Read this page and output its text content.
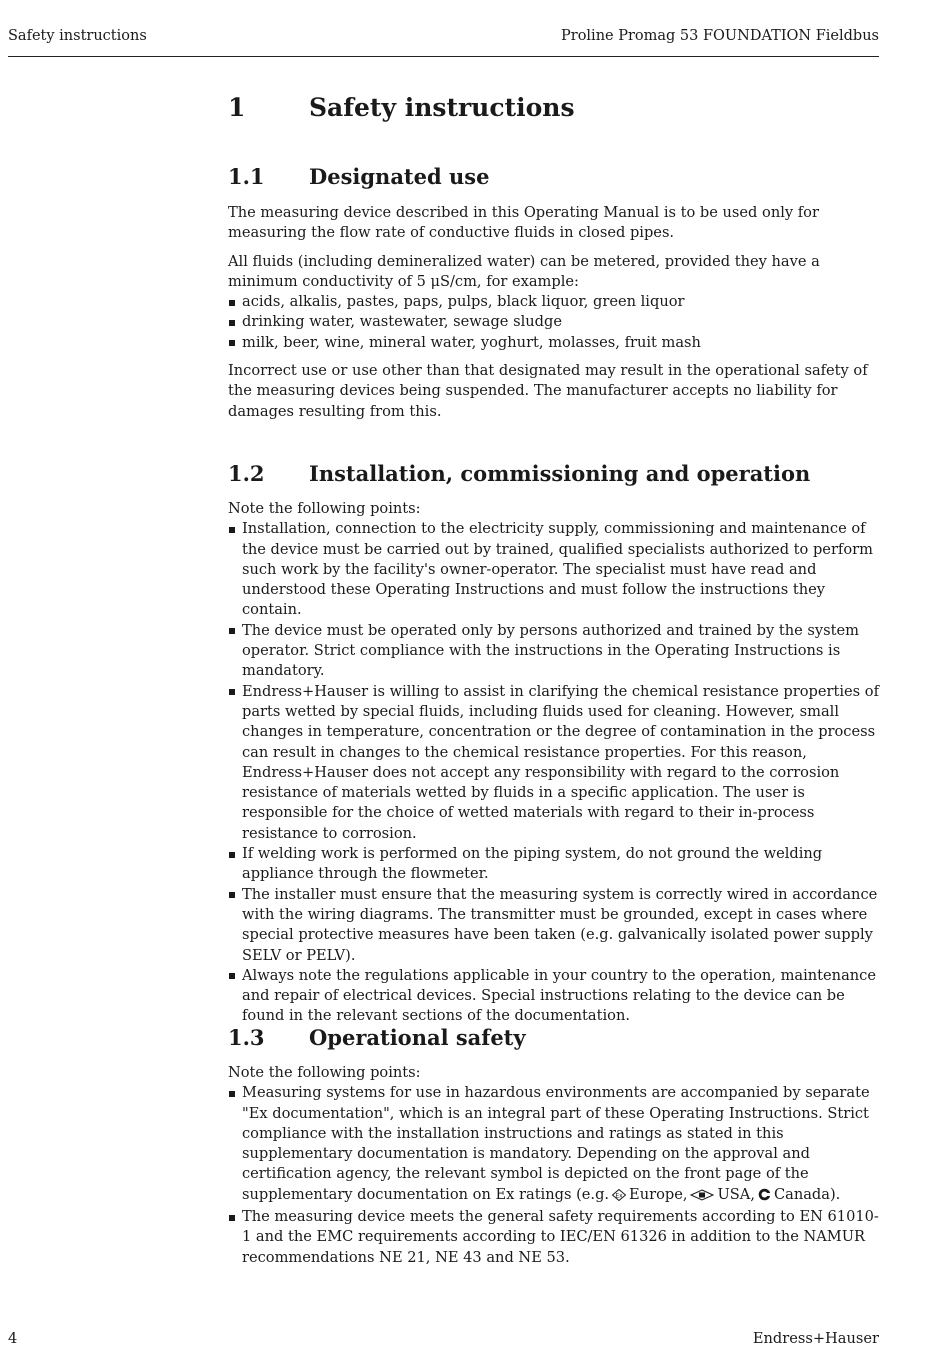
Safety instructions	Proline Promag 53 FOUNDATION Fieldbus
1	Safety instructions
1.1 Designated use

The measuring device described in this Operating Manual is to be used only for measuring the flow rate of conductive fluids in closed pipes.

All fluids (including demineralized water) can be metered, provided they have a minimum conductivity of 5 μS/cm, for example:

acids, alkalis, pastes, paps, pulps, black liquor, green liquor
drinking water, wastewater, sewage sludge
milk, beer, wine, mineral water, yoghurt, molasses, fruit mash

Incorrect use or use other than that designated may result in the operational safety of the measuring devices being suspended. The manufacturer accepts no liability for damages resulting from this.

1.2 Installation, commissioning and operation

Note the following points:

Installation, connection to the electricity supply, commissioning and maintenance of the device must be carried out by trained, qualified specialists authorized to perform such work by the facility's owner-operator. The specialist must have read and understood these Operating Instructions and must follow the instructions they contain.
The device must be operated only by persons authorized and trained by the system operator. Strict compliance with the instructions in the Operating Instructions is mandatory.
Endress+Hauser is willing to assist in clarifying the chemical resistance properties of parts wetted by special fluids, including fluids used for cleaning. However, small changes in temperature, concentration or the degree of contamination in the process can result in changes to the chemical resistance properties. For this reason, Endress+Hauser does not accept any responsibility with regard to the corrosion resistance of materials wetted by fluids in a specific application. The user is responsible for the choice of wetted materials with regard to their in-process resistance to corrosion.
If welding work is performed on the piping system, do not ground the welding appliance through the flowmeter.
The installer must ensure that the measuring system is correctly wired in accordance with the wiring diagrams. The transmitter must be grounded, except in cases where special protective measures have been taken (e.g. galvanically isolated power supply SELV or PELV).
Always note the regulations applicable in your country to the operation, maintenance and repair of electrical devices. Special instructions relating to the device can be found in the relevant sections of the documentation.
1.3 Operational safety

Note the following points:

Measuring systems for use in hazardous environments are accompanied by separate "Ex documentation", which is an integral part of these Operating Instructions. Strict compliance with the installation instructions and ratings as stated in this supplementary documentation is mandatory. Depending on the approval and certification agency, the relevant symbol is depicted on the front page of the supplementary documentation on Ex ratings (e.g. Ex Europe, USA, Canada).
The measuring device meets the general safety requirements according to EN 61010-1 and the EMC requirements according to IEC/EN 61326 in addition to the NAMUR recommendations NE 21, NE 43 and NE 53.
4	Endress+Hauser
